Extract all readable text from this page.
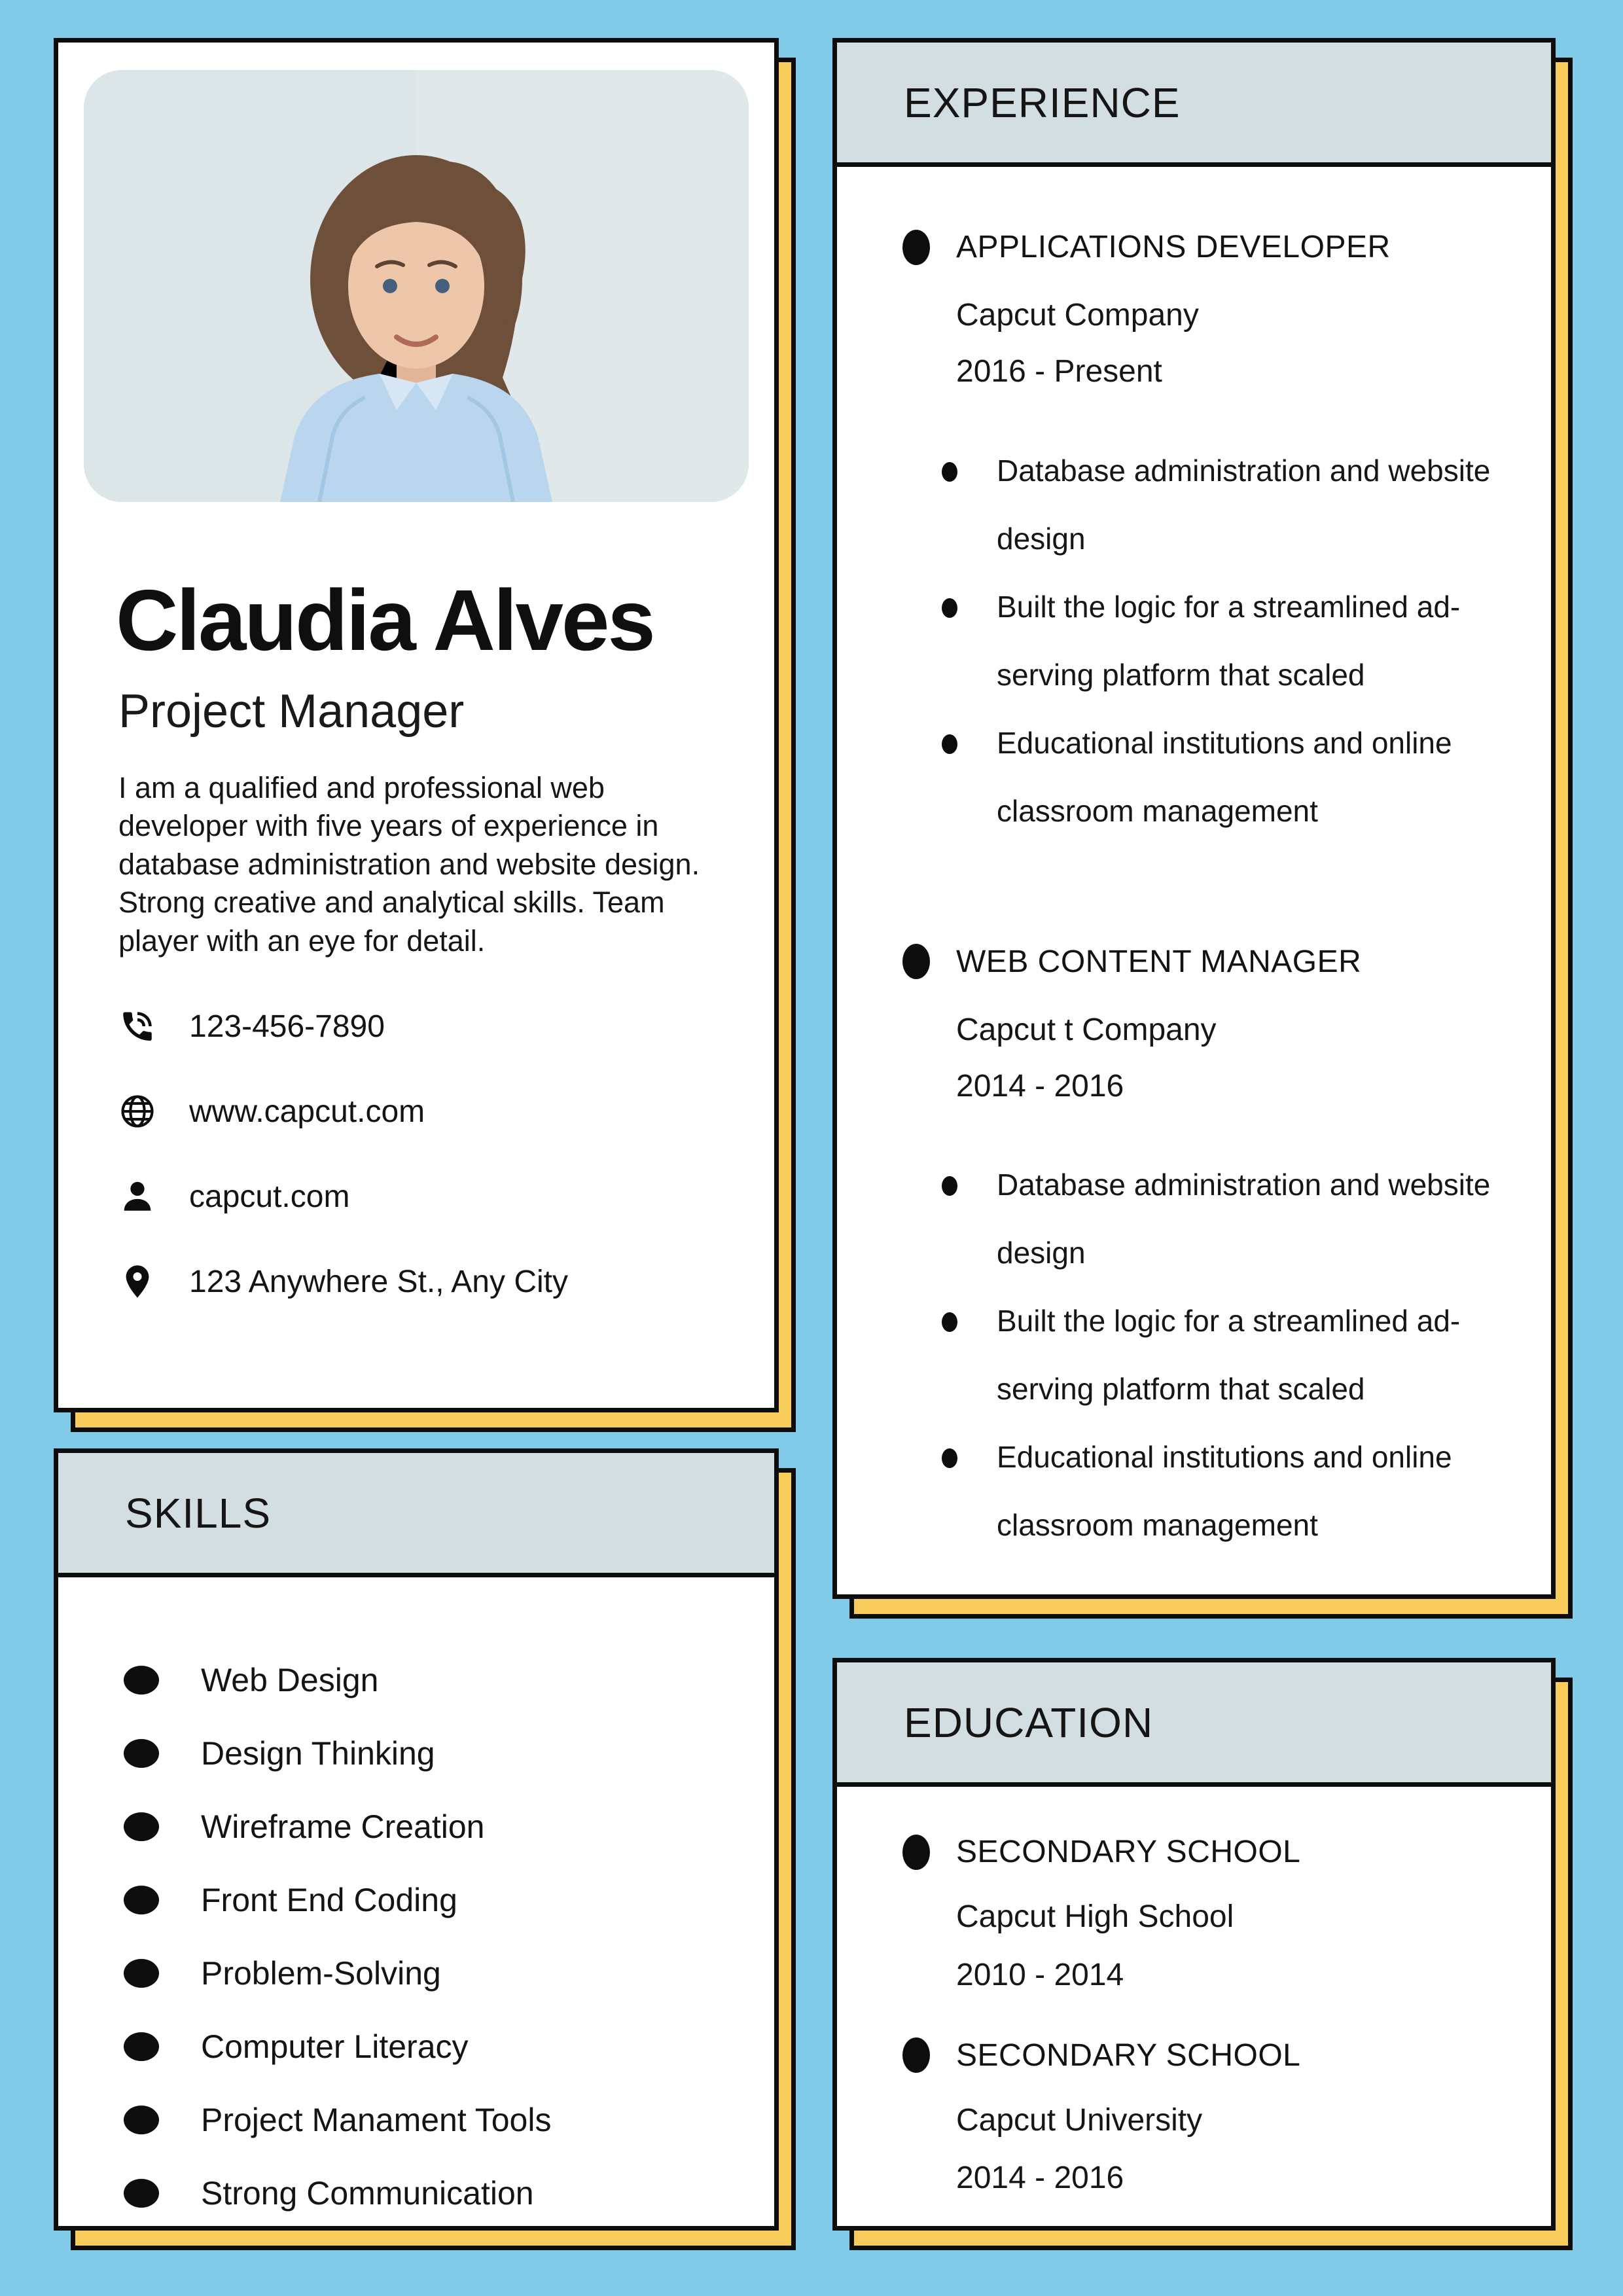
Claudia Alves
Project Manager

I am a qualified and professional web developer with five years of experience in database administration and website design. Strong creative and analytical skills. Team player with an eye for detail.

123-456-7890
www.capcut.com
capcut.com
123 Anywhere St., Any City
EXPERIENCE
APPLICATIONS DEVELOPER
Capcut Company
2016 - Present
Database administration and website design
Built the logic for a streamlined ad-serving platform that scaled
Educational institutions and online classroom management
WEB CONTENT MANAGER
Capcut t Company
2014 - 2016
Database administration and website design
Built the logic for a streamlined ad-serving platform that scaled
Educational institutions and online classroom management
SKILLS
Web Design
Design Thinking
Wireframe Creation
Front End Coding
Problem-Solving
Computer Literacy
Project Manament Tools
Strong Communication
EDUCATION
SECONDARY SCHOOL
Capcut High School
2010 - 2014
SECONDARY SCHOOL
Capcut University
2014 - 2016
